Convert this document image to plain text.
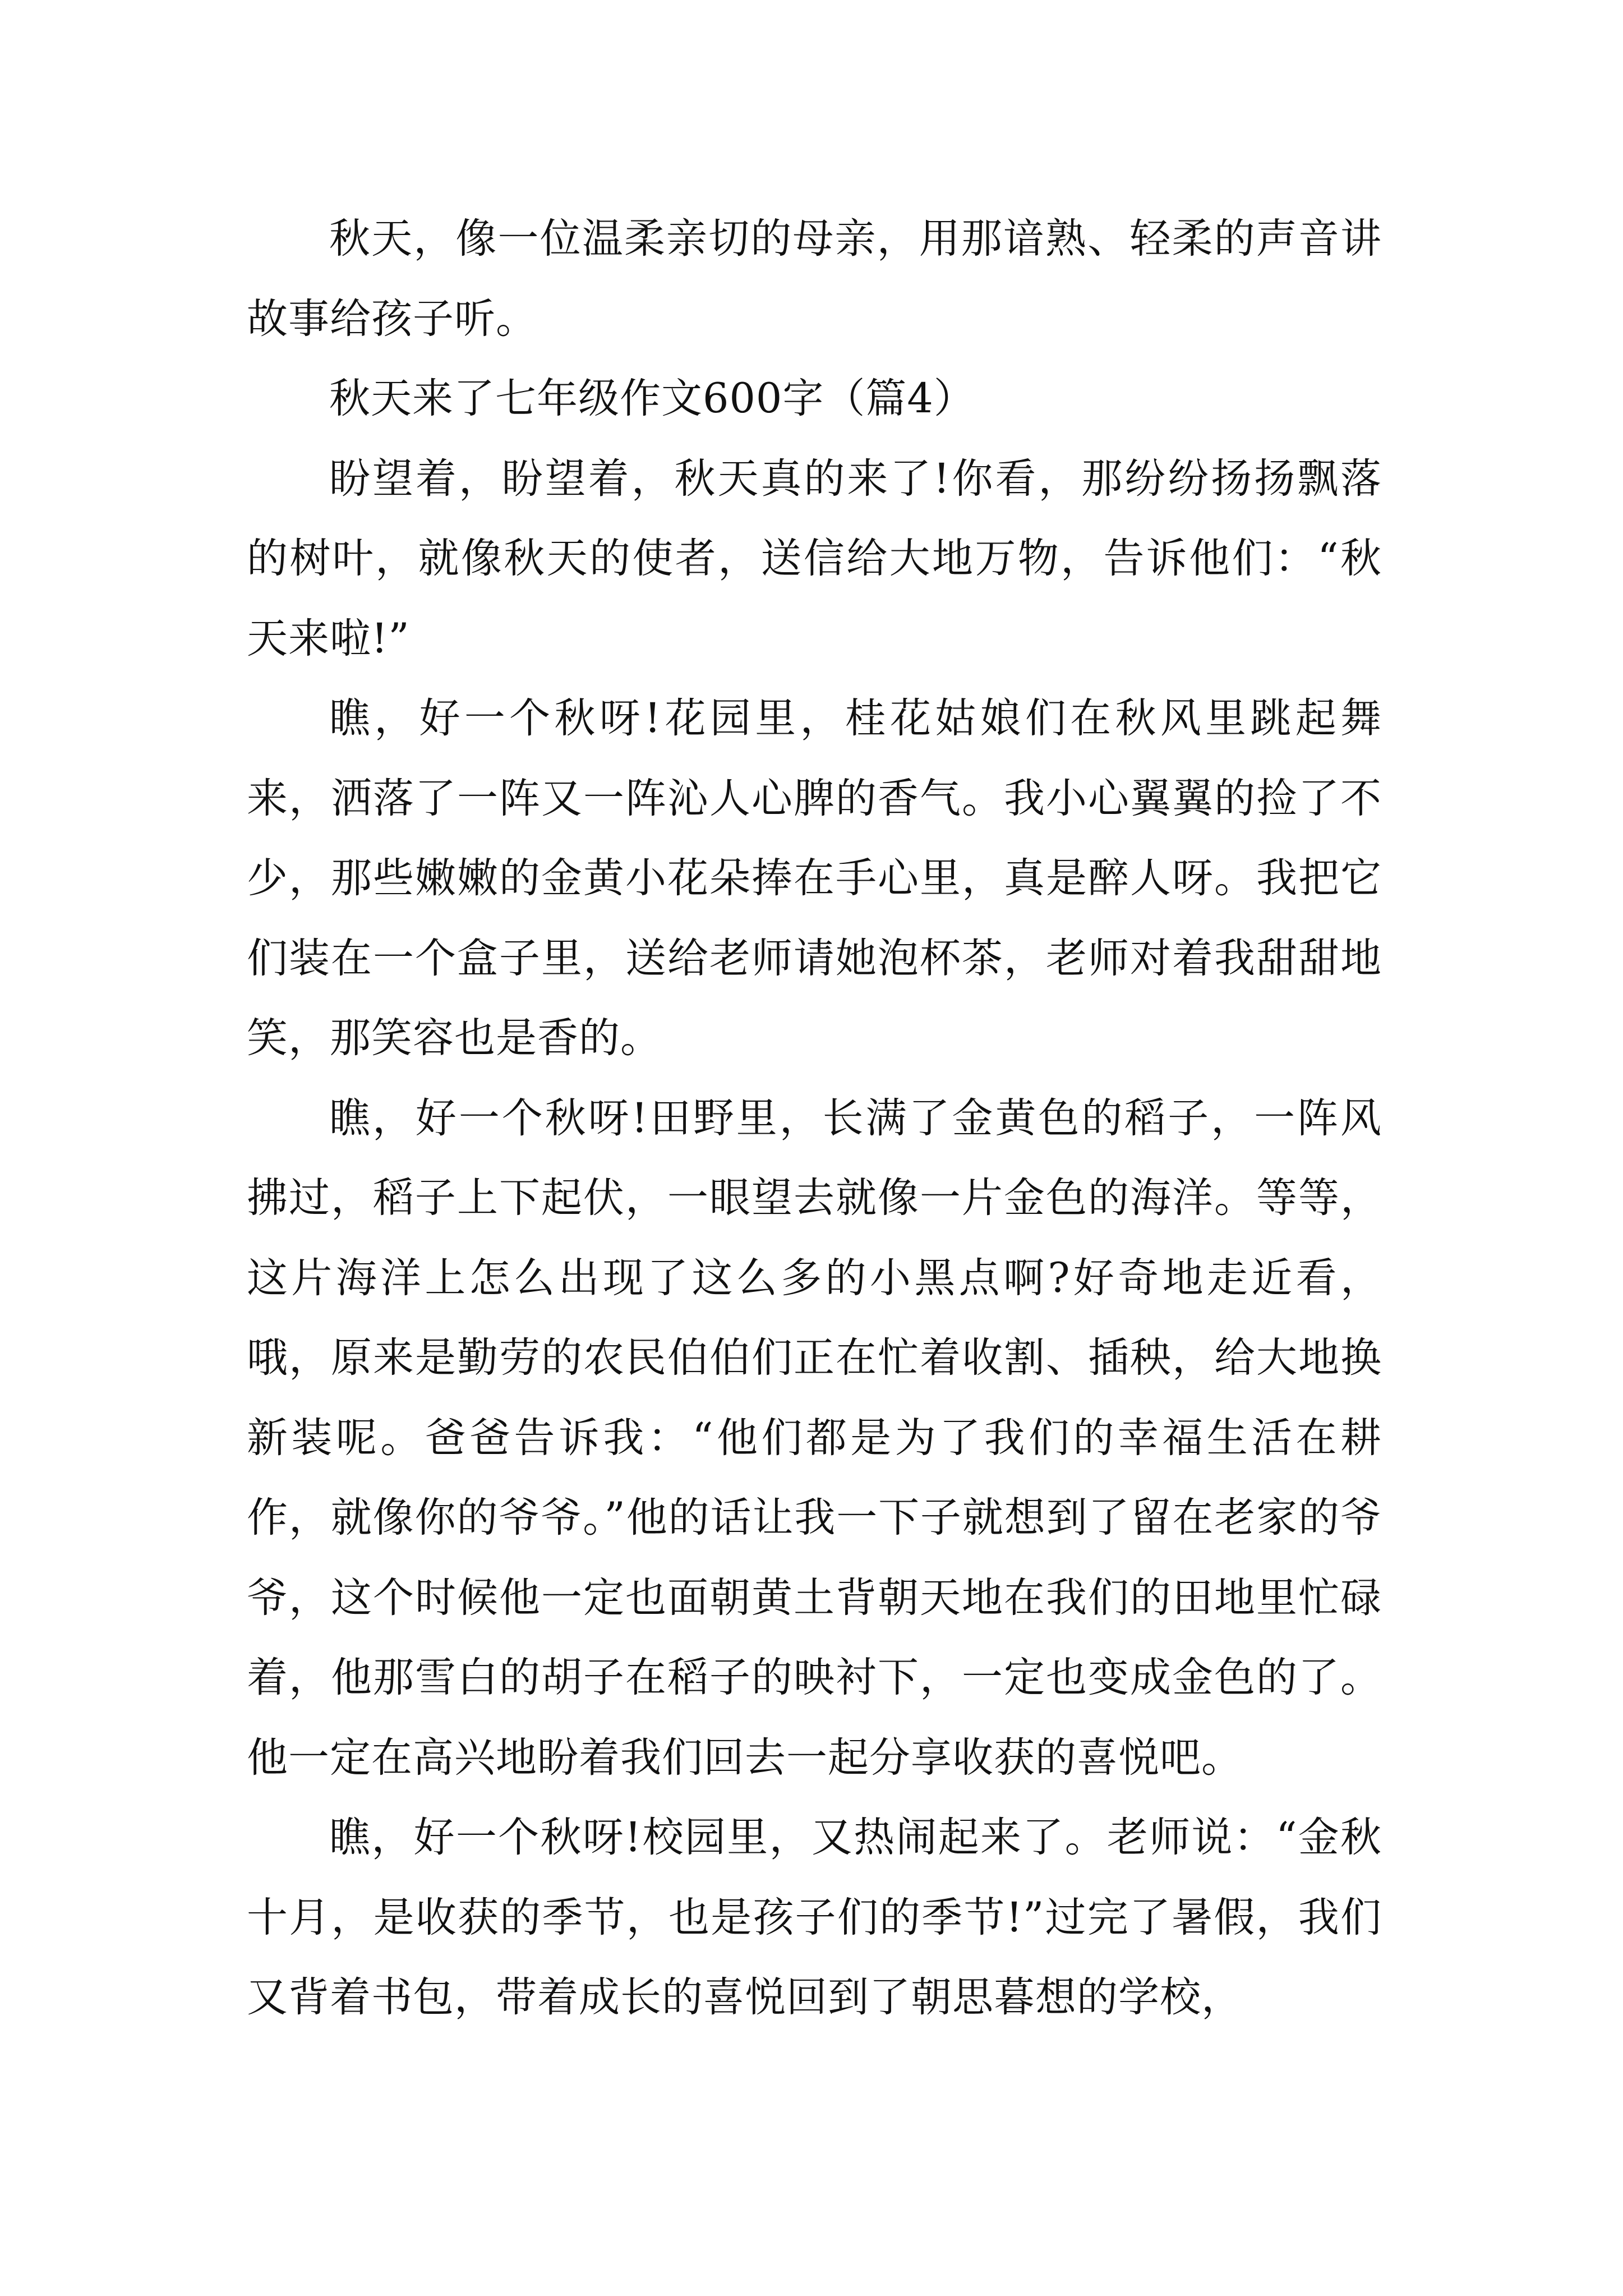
秋天，像一位温柔亲切的母亲，用那谙熟、轻柔的声音讲故事给孩子听。

秋天来了七年级作文600字（篇4）

盼望着，盼望着，秋天真的来了!你看，那纷纷扬扬飘落的树叶，就像秋天的使者，送信给大地万物，告诉他们：“秋天来啦!”

瞧，好一个秋呀!花园里，桂花姑娘们在秋风里跳起舞来，洒落了一阵又一阵沁人心脾的香气。我小心翼翼的捡了不少，那些嫩嫩的金黄小花朵捧在手心里，真是醉人呀。我把它们装在一个盒子里，送给老师请她泡杯茶，老师对着我甜甜地笑，那笑容也是香的。

瞧，好一个秋呀!田野里，长满了金黄色的稻子，一阵风拂过，稻子上下起伏，一眼望去就像一片金色的海洋。等等，这片海洋上怎么出现了这么多的小黑点啊?好奇地走近看，哦，原来是勤劳的农民伯伯们正在忙着收割、插秧，给大地换新装呢。爸爸告诉我：“他们都是为了我们的幸福生活在耕作，就像你的爷爷。”他的话让我一下子就想到了留在老家的爷爷，这个时候他一定也面朝黄土背朝天地在我们的田地里忙碌着，他那雪白的胡子在稻子的映衬下，一定也变成金色的了。他一定在高兴地盼着我们回去一起分享收获的喜悦吧。

瞧，好一个秋呀!校园里，又热闹起来了。老师说：“金秋十月，是收获的季节，也是孩子们的季节!”过完了暑假，我们又背着书包，带着成长的喜悦回到了朝思暮想的学校，
